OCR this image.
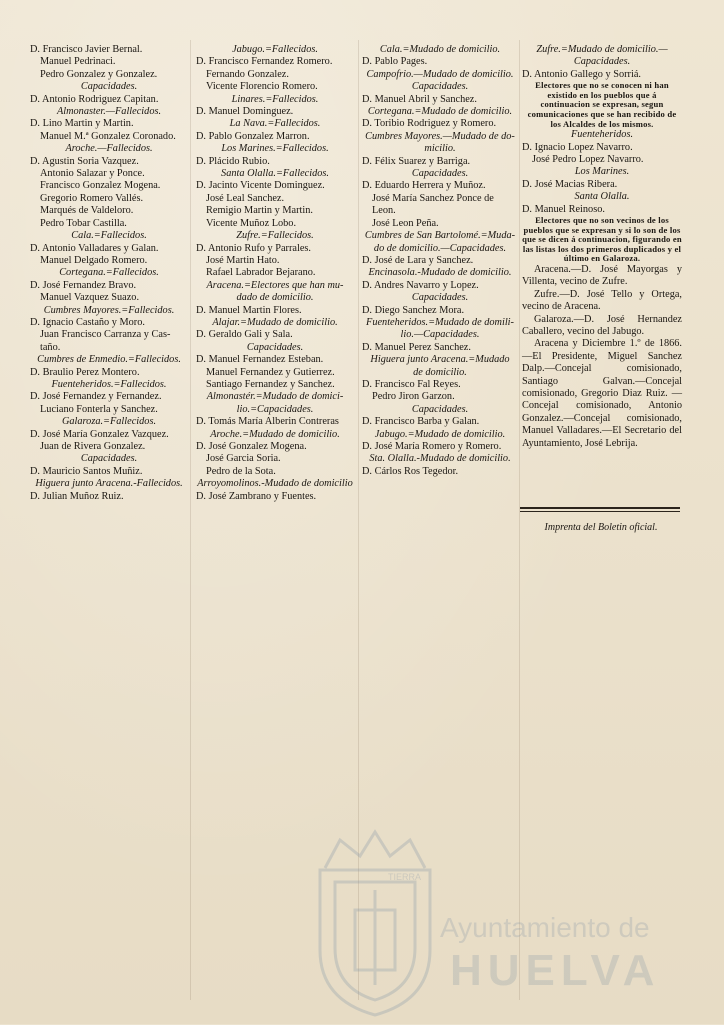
D. Francisco Javier Bernal.
Manuel Pedrinaci.
Pedro Gonzalez y Gonzalez.
Capacidades.
D. Antonio Rodriguez Capitan.
Almonaster.—Fallecidos.
D. Lino Martin y Martin.
Manuel M.ª Gonzalez Coronado.
Aroche.—Fallecidos.
D. Agustin Soria Vazquez.
Antonio Salazar y Ponce.
Francisco Gonzalez Mogena.
Gregorio Romero Vallés.
Marqués de Valdeloro.
Pedro Tobar Castilla.
Cala.=Fallecidos.
D. Antonio Valladares y Galan.
Manuel Delgado Romero.
Cortegana.=Fallecidos.
D. José Fernandez Bravo.
Manuel Vazquez Suazo.
Cumbres Mayores.=Fallecidos.
D. Ignacio Castaño y Moro.
Juan Francisco Carranza y Cas-
taño.
Cumbres de Enmedio.=Fallecidos.
D. Braulio Perez Montero.
Fuenteheridos.=Fallecidos.
D. José Fernandez y Fernandez.
Luciano Fonterla y Sanchez.
Galaroza.=Fallecidos.
D. José María Gonzalez Vazquez.
Juan de Rivera Gonzalez.
Capacidades.
D. Mauricio Santos Muñiz.
Higuera junto Aracena.-Fallecidos.
D. Julian Muñoz Ruiz.
Jabugo.=Fallecidos.
D. Francisco Fernandez Romero.
Fernando Gonzalez.
Vicente Florencio Romero.
Linares.=Fallecidos.
D. Manuel Dominguez.
La Nava.=Fallecidos.
D. Pablo Gonzalez Marron.
Los Marines.=Fallecidos.
D. Plácido Rubio.
Santa Olalla.=Fallecidos.
D. Jacinto Vicente Dominguez.
José Leal Sanchez.
Remigio Martin y Martin.
Vicente Muñoz Lobo.
Zufre.=Fallecidos.
D. Antonio Rufo y Parrales.
José Martin Hato.
Rafael Labrador Bejarano.
Aracena.=Electores que han mu-
dado de domicilio.
D. Manuel Martin Flores.
Alajar.=Mudado de domicilio.
D. Geraldo Gali y Sala.
Capacidades.
D. Manuel Fernandez Esteban.
Manuel Fernandez y Gutierrez.
Santiago Fernandez y Sanchez.
Almonastér.=Mudado de domici-
lio.=Capacidades.
D. Tomás María Alberin Contreras
Aroche.=Mudado de domicilio.
D. José Gonzalez Mogena.
José Garcia Soria.
Pedro de la Sota.
Arroyomolinos.-Mudado de domicilio
D. José Zambrano y Fuentes.
Cala.=Mudado de domicilio.
D. Pablo Pages.
Campofrio.—Mudado de domicilio.
Capacidades.
D. Manuel Abril y Sanchez.
Cortegana.=Mudado de domicilio.
D. Toribio Rodriguez y Romero.
Cumbres Mayores.—Mudado de do-
micilio.
D. Félix Suarez y Barriga.
Capacidades.
D. Eduardo Herrera y Muñoz.
José María Sanchez Ponce de
Leon.
José Leon Peña.
Cumbres de San Bartolomé.=Muda-
do de domicilio.—Capacidades.
D. José de Lara y Sanchez.
Encinasola.-Mudado de domicilio.
D. Andres Navarro y Lopez.
Capacidades.
D. Diego Sanchez Mora.
Fuenteheridos.=Mudado de domili-
lio.—Capacidades.
D. Manuel Perez Sanchez.
Higuera junto Aracena.=Mudado
de domicilio.
D. Francisco Fal Reyes.
Pedro Jiron Garzon.
Capacidades.
D. Francisco Barba y Galan.
Jabugo.=Mudado de domicilio.
D. José María Romero y Romero.
Sta. Olalla.-Mudado de domicilio.
D. Cárlos Ros Tegedor.
Zufre.=Mudado de domicilio.—
Capacidades.
D. Antonio Gallego y Sorriá.
Electores que no se conocen ni han existido en los pueblos que á continuacion se expresan, segun comunicaciones que se han recibido de los Alcaldes de los mismos.
Fuenteheridos.
D. Ignacio Lopez Navarro.
José Pedro Lopez Navarro.
Los Marines.
D. José Macias Ribera.
Santa Olalla.
D. Manuel Reinoso.
Electores que no son vecinos de los pueblos que se expresan y si lo son de los que se dicen á continuacion, figurando en las listas los dos primeros duplicados y el último en Galaroza.
Aracena.—D. José Mayorgas y Villenta, vecino de Zufre.
Zufre.—D. José Tello y Ortega, vecino de Aracena.
Galaroza.—D. José Hernandez Caballero, vecino del Jabugo.
Aracena y Diciembre 1.º de 1866.—El Presidente, Miguel Sanchez Dalp.—Concejal comisionado, Santiago Galvan.—Concejal comisionado, Gregorio Diaz Ruiz. —Concejal comisionado, Antonio Gonzalez.—Concejal comisionado, Manuel Valladares.—El Secretario del Ayuntamiento, José Lebrija.
Imprenta del Boletin oficial.
TIERRA
Ayuntamiento de
HUELVA
